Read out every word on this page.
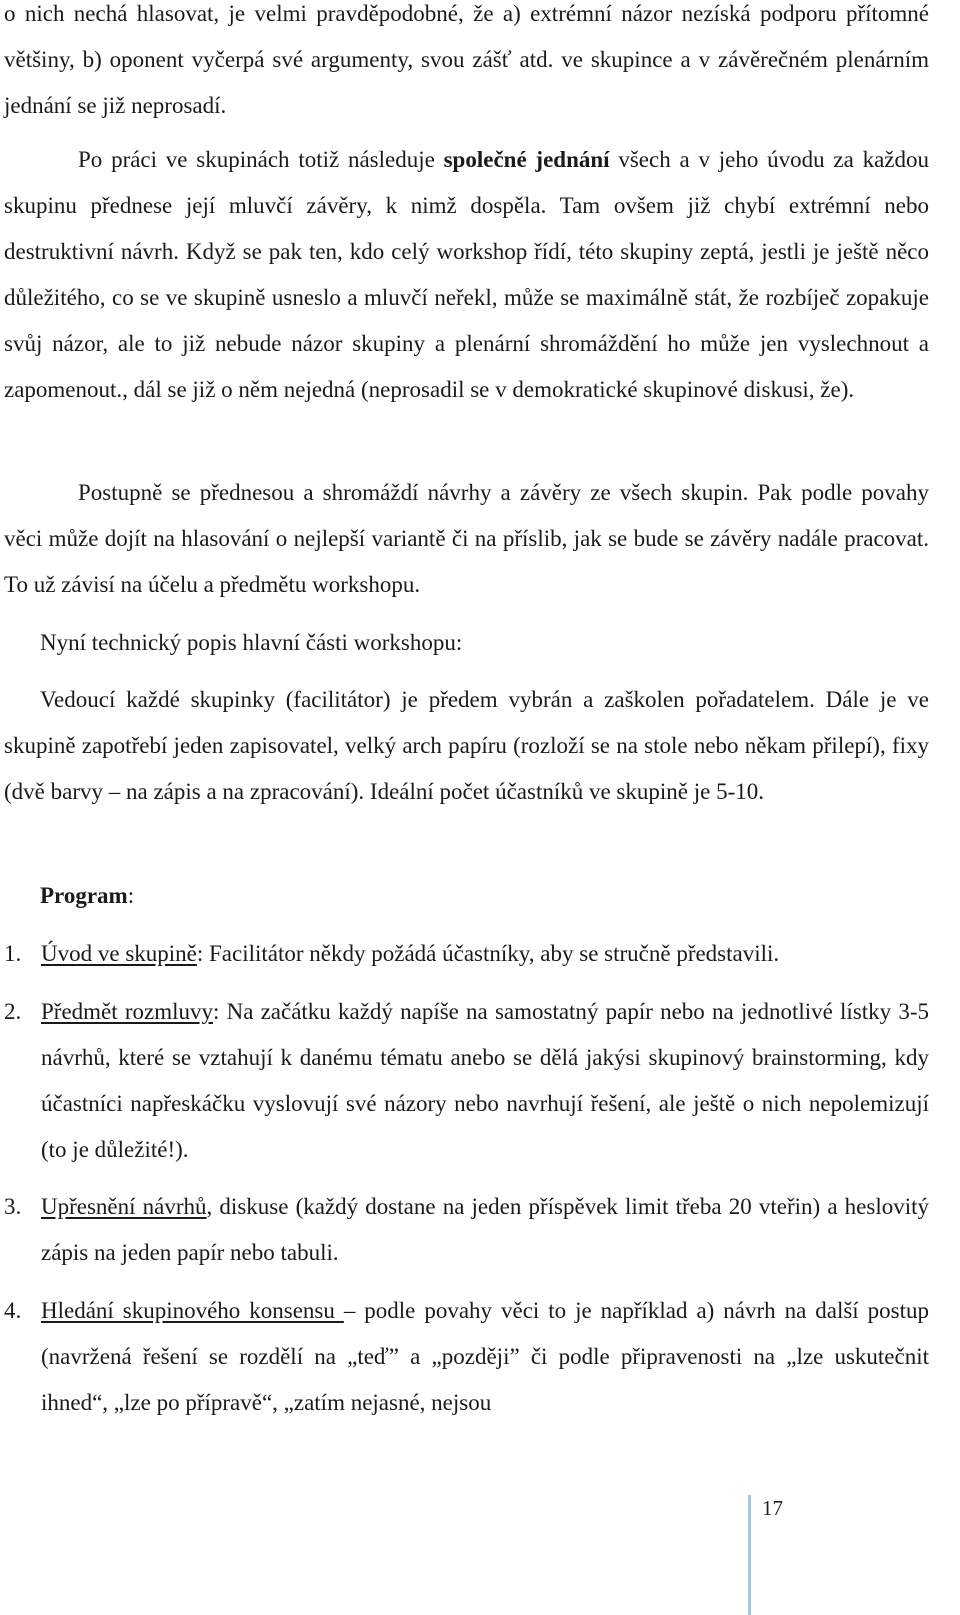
o nich nechá hlasovat, je velmi pravděpodobné, že a) extrémní názor nezíská podporu přítomné většiny, b) oponent vyčerpá své argumenty, svou zášť atd. ve skupince a v závěrečném plenárním jednání se již neprosadí.

Po práci ve skupinách totiž následuje společné jednání všech a v jeho úvodu za každou skupinu přednese její mluvčí závěry, k nimž dospěla. Tam ovšem již chybí extrémní nebo destruktivní návrh. Když se pak ten, kdo celý workshop řídí, této skupiny zeptá, jestli je ještě něco důležitého, co se ve skupině usneslo a mluvčí neřekl, může se maximálně stát, že rozbíječ zopakuje svůj názor, ale to již nebude názor skupiny a plenární shromáždění ho může jen vyslechnout a zapomenout., dál se již o něm nejedná (neprosadil se v demokratické skupinové diskusi, že).

Postupně se přednesou a shromáždí návrhy a závěry ze všech skupin. Pak podle povahy věci může dojít na hlasování o nejlepší variantě či na příslib, jak se bude se závěry nadále pracovat. To už závisí na účelu a předmětu workshopu.

Nyní technický popis hlavní části workshopu:

Vedoucí každé skupinky (facilitátor) je předem vybrán a zaškolen pořadatelem. Dále je ve skupině zapotřebí jeden zapisovatel, velký arch papíru (rozloží se na stole nebo někam přilepí), fixy (dvě barvy – na zápis a na zpracování). Ideální počet účastníků ve skupině je 5-10.

Program:
1. Úvod ve skupině: Facilitátor někdy požádá účastníky, aby se stručně představili.
2. Předmět rozmluvy: Na začátku každý napíše na samostatný papír nebo na jednotlivé lístky 3-5 návrhů, které se vztahují k danému tématu anebo se dělá jakýsi skupinový brainstorming, kdy účastníci napřeskáčku vyslovují své názory nebo navrhují řešení, ale ještě o nich nepolemizují (to je důležité!).
3. Upřesnění návrhů, diskuse (každý dostane na jeden příspěvek limit třeba 20 vteřin) a heslovitý zápis na jeden papír nebo tabuli.
4. Hledání skupinového konsensu – podle povahy věci to je například a) návrh na další postup (navržená řešení se rozdělí na „teď” a „později” či podle připravenosti na „lze uskutečnit ihned“, „lze po přípravě“, „zatím nejasné, nejsou
17
